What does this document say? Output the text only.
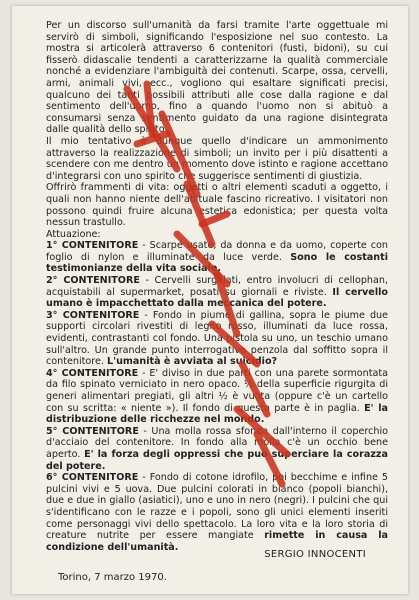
Per un discorso sull'umanità da farsi tramite l'arte oggettuale mi servirò di simboli, significando l'esposizione nel suo contesto. La mostra si articolerà attraverso 6 contenitori (fusti, bidoni), su cui fisserò didascalie tendenti a caratterizzarne la qualità commerciale nonché a evidenziare l'ambiguità dei contenuti. Scarpe, ossa, cervelli, armi, animali vivi, ecc., vogliono qui esaltare significati precisi, qualcuno dei tanti possibili attributi alle cose dalla ragione e dal sentimento dell'uomo, fino a quando l'uomo non si abituò a consumarsi senza sentimento guidato da una ragione disintegrata dalle qualità dello spirito.

Il mio tentativo è dunque quello d'indicare un ammonimento attraverso la realizzazione di simboli; un invito per i più disattenti a scendere con me dentro un momento dove istinto e ragione accettano d'integrarsi con uno spirito che suggerisce sentimenti di giustizia.

Offrirò frammenti di vita: oggetti o altri elementi scaduti a oggetto, i quali non hanno niente dell'abituale fascino ricreativo. I visitatori non possono quindi fruire alcuna estetica edonistica; per questa volta nessun trastullo.

Attuazione:

1° CONTENITORE - Scarpe usate, da donna e da uomo, coperte con foglio di nylon e illuminate da luce verde. Sono le costanti testimonianze della vita sociale.

2° CONTENITORE - Cervelli surgelati, entro involucri di cellophan, acquistabili al supermarket, posati su giornali e riviste. Il cervello umano è impacchettato dalla meccanica del potere.

3° CONTENITORE - Fondo in piume di gallina, sopra le piume due supporti circolari rivestiti di legno rosso, illuminati da luce rossa, evidenti, contrastanti col fondo. Una pistola su uno, un teschio umano sull'altro. Un grande punto interrogativo penzola dal soffitto sopra il contenitore. L'umanità è avviata al suicidio?

4° CONTENITORE - E' diviso in due parti con una parete sormontata da filo spinato verniciato in nero opaco. ½ della superficie rigurgita di generi alimentari pregiati, gli altri ½ è vuota (oppure c'è un cartello con su scritta: « niente »). Il fondo di questa parte è in paglia. E' la distribuzione delle ricchezze nel mondo.

5° CONTENITORE - Una molla rossa sfonda dall'interno il coperchio d'acciaio del contenitore. In fondo alla molla c'è un occhio bene aperto. E' la forza degli oppressi che può superciare la corazza del potere.

6° CONTENITORE - Fondo di cotone idrofilo, poi becchime e infine 5 pulcini vivi e 5 uova. Due pulcini colorati in bianco (popoli bianchi), due e due in giallo (asiatici), uno e uno in nero (negri). I pulcini che qui s'identificano con le razze e i popoli, sono gli unici elementi inseriti come personaggi vivi dello spettacolo. La loro vita e la loro storia di creature nutrite per essere mangiate rimette in causa la condizione dell'umanità.

SERGIO INNOCENTI
Torino, 7 marzo 1970.
